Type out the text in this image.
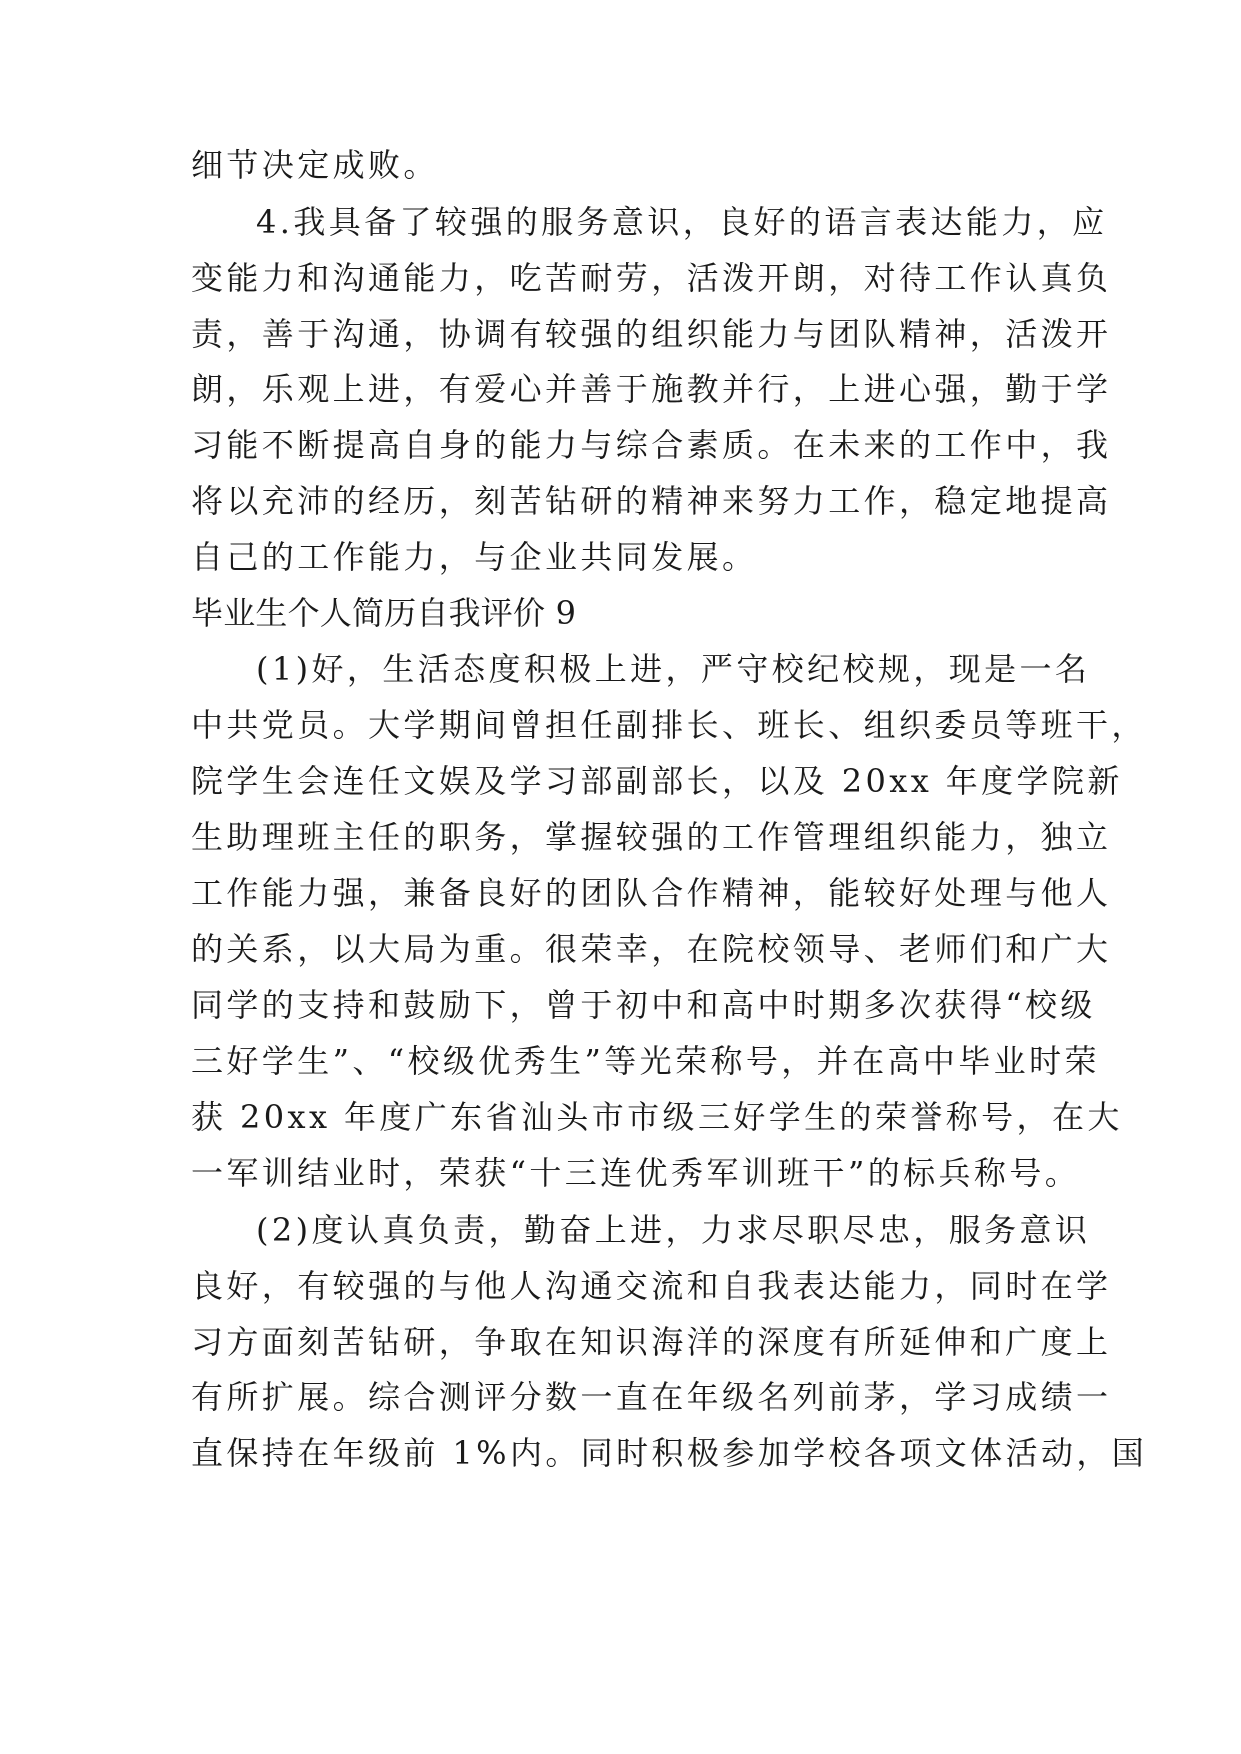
细节决定成败。
4.我具备了较强的服务意识，良好的语言表达能力，应
变能力和沟通能力，吃苦耐劳，活泼开朗，对待工作认真负
责，善于沟通，协调有较强的组织能力与团队精神，活泼开
朗，乐观上进，有爱心并善于施教并行，上进心强，勤于学
习能不断提高自身的能力与综合素质。在未来的工作中，我
将以充沛的经历，刻苦钻研的精神来努力工作，稳定地提高
自己的工作能力，与企业共同发展。
毕业生个人简历自我评价 9
(1)好，生活态度积极上进，严守校纪校规，现是一名
中共党员。大学期间曾担任副排长、班长、组织委员等班干，
院学生会连任文娱及学习部副部长，以及 20xx 年度学院新
生助理班主任的职务，掌握较强的工作管理组织能力，独立
工作能力强，兼备良好的团队合作精神，能较好处理与他人
的关系，以大局为重。很荣幸，在院校领导、老师们和广大
同学的支持和鼓励下，曾于初中和高中时期多次获得“校级
三好学生”、“校级优秀生”等光荣称号，并在高中毕业时荣
获 20xx 年度广东省汕头市市级三好学生的荣誉称号，在大
一军训结业时，荣获“十三连优秀军训班干”的标兵称号。
(2)度认真负责，勤奋上进，力求尽职尽忠，服务意识
良好，有较强的与他人沟通交流和自我表达能力，同时在学
习方面刻苦钻研，争取在知识海洋的深度有所延伸和广度上
有所扩展。综合测评分数一直在年级名列前茅，学习成绩一
直保持在年级前 1%内。同时积极参加学校各项文体活动，国
